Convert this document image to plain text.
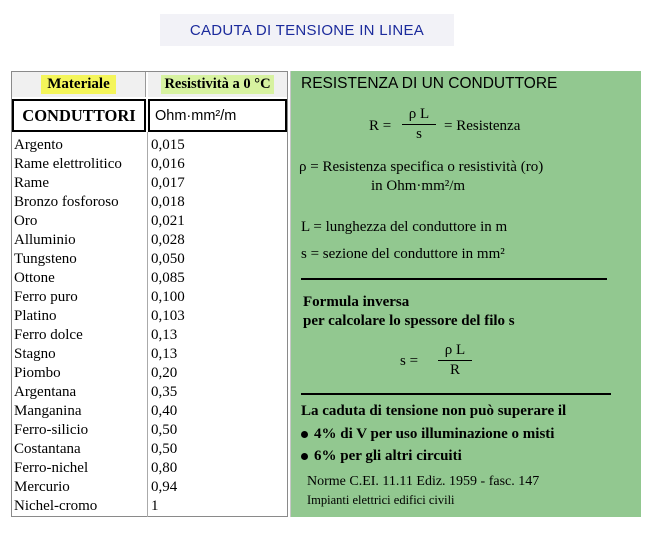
CADUTA DI TENSIONE IN LINEA
Materiale	Resistività a 0 °C
CONDUTTORI	Ohm·mm²/m
Argento	0,015
Rame elettrolitico	0,016
Rame	0,017
Bronzo fosforoso	0,018
Oro	0,021
Alluminio	0,028
Tungsteno	0,050
Ottone	0,085
Ferro puro	0,100
Platino	0,103
Ferro dolce	0,13
Stagno	0,13
Piombo	0,20
Argentana	0,35
Manganina	0,40
Ferro-silicio	0,50
Costantana	0,50
Ferro-nichel	0,80
Mercurio	0,94
Nichel-cromo	1
RESISTENZA DI UN CONDUTTORE
R =
ρ L
s = Resistenza
ρ = Resistenza specifica o resistività (ro)
in Ohm·mm²/m
L = lunghezza del conduttore in m
s = sezione del conduttore in mm²
Formula inversa
per calcolare lo spessore del filo s
s =
ρ L
R
La caduta di tensione non può superare il
4% di V per uso illuminazione o misti
6% per gli altri circuiti
Norme C.EI. 11.11 Ediz. 1959 - fasc. 147
Impianti elettrici edifici civili
